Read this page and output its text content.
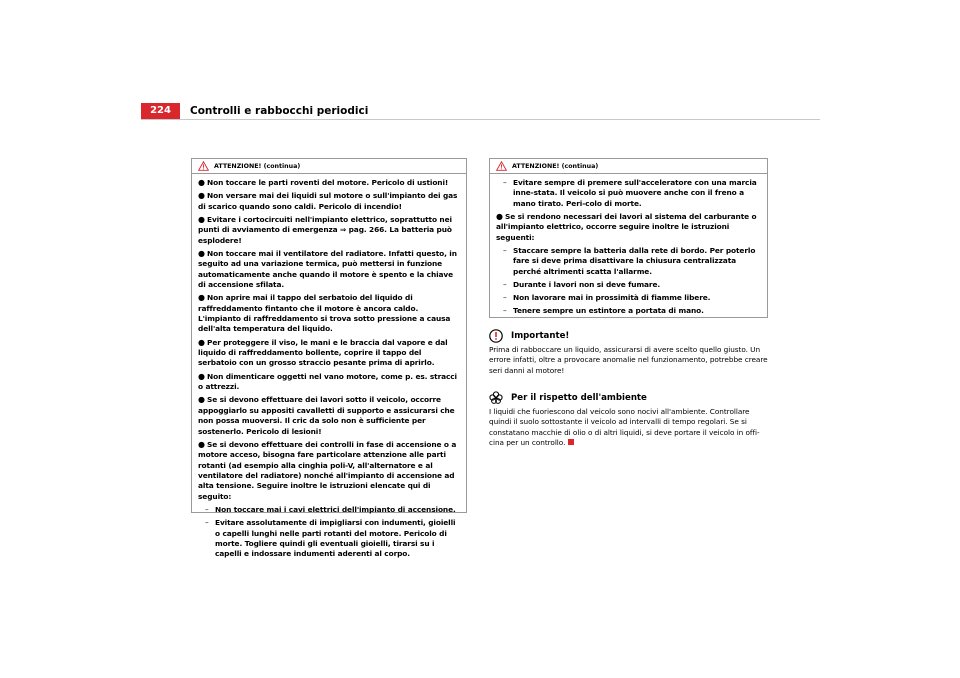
224	Controlli e rabbocchi periodici
ATTENZIONE! (continua)

● Non toccare le parti roventi del motore. Pericolo di ustioni!

● Non versare mai dei liquidi sul motore o sull'impianto dei gas di scarico quando sono caldi. Pericolo di incendio!

● Evitare i cortocircuiti nell'impianto elettrico, soprattutto nei punti di avviamento di emergenza ⇒ pag. 266. La batteria può esplodere!

● Non toccare mai il ventilatore del radiatore. Infatti questo, in seguito ad una variazione termica, può mettersi in funzione automaticamente anche quando il motore è spento e la chiave di accensione sfilata.

● Non aprire mai il tappo del serbatoio del liquido di raffreddamento fintanto che il motore è ancora caldo. L'impianto di raffreddamento si trova sotto pressione a causa dell'alta temperatura del liquido.

● Per proteggere il viso, le mani e le braccia dal vapore e dal liquido di raffreddamento bollente, coprire il tappo del serbatoio con un grosso straccio pesante prima di aprirlo.

● Non dimenticare oggetti nel vano motore, come p. es. stracci o attrezzi.

● Se si devono effettuare dei lavori sotto il veicolo, occorre appoggiarlo su appositi cavalletti di supporto e assicurarsi che non possa muoversi. Il cric da solo non è sufficiente per sostenerlo. Pericolo di lesioni!

● Se si devono effettuare dei controlli in fase di accensione o a motore acceso, bisogna fare particolare attenzione alle parti rotanti (ad esempio alla cinghia poli-V, all'alternatore e al ventilatore del radiatore) nonché all'impianto di accensione ad alta tensione. Seguire inoltre le istruzioni elencate qui di seguito:

– Non toccare mai i cavi elettrici dell'impianto di accensione.

– Evitare assolutamente di impigliarsi con indumenti, gioielli o capelli lunghi nelle parti rotanti del motore. Pericolo di morte. Togliere quindi gli eventuali gioielli, tirarsi su i capelli e indossare indumenti aderenti al corpo.

ATTENZIONE! (continua)

– Evitare sempre di premere sull'acceleratore con una marcia inne-stata. Il veicolo si può muovere anche con il freno a mano tirato. Peri-colo di morte.

● Se si rendono necessari dei lavori al sistema del carburante o all'impianto elettrico, occorre seguire inoltre le istruzioni seguenti:

– Staccare sempre la batteria dalla rete di bordo. Per poterlo fare si deve prima disattivare la chiusura centralizzata perché altrimenti scatta l'allarme.

– Durante i lavori non si deve fumare.

– Non lavorare mai in prossimità di fiamme libere.

– Tenere sempre un estintore a portata di mano.

Importante!
Prima di rabboccare un liquido, assicurarsi di avere scelto quello giusto. Un errore infatti, oltre a provocare anomalie nel funzionamento, potrebbe creare seri danni al motore!
Per il rispetto dell'ambiente
I liquidi che fuoriescono dal veicolo sono nocivi all'ambiente. Controllare quindi il suolo sottostante il veicolo ad intervalli di tempo regolari. Se si constatano macchie di olio o di altri liquidi, si deve portare il veicolo in offi-cina per un controllo.
